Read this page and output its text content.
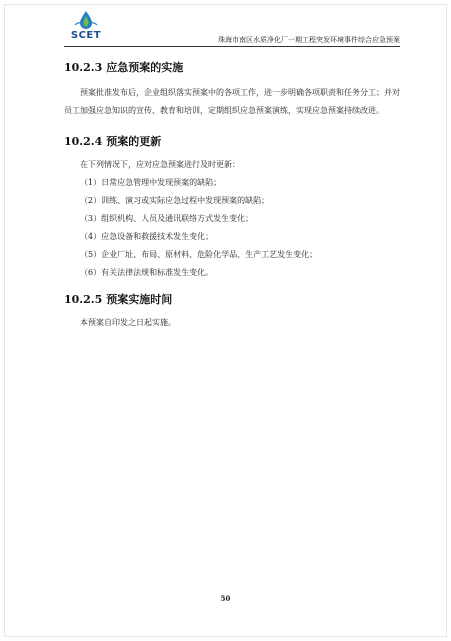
SCET	珠海市南区水质净化厂一期工程突发环境事件综合应急预案
10.2.3 应急预案的实施

预案批准发布后，企业组织落实预案中的各项工作，进一步明确各项职责和任务分工；并对员工加强应急知识的宣传、教育和培训，定期组织应急预案演练，实现应急预案持续改进。

10.2.4 预案的更新

在下列情况下，应对应急预案进行及时更新：

（1）日常应急管理中发现预案的缺陷；
（2）训练、演习或实际应急过程中发现预案的缺陷；
（3）组织机构、人员及通讯联络方式发生变化；
（4）应急设备和救援技术发生变化；
（5）企业厂址、布局、原材料、危险化学品、生产工艺发生变化；
（6）有关法律法规和标准发生变化。
10.2.5 预案实施时间

本预案自印发之日起实施。

50
